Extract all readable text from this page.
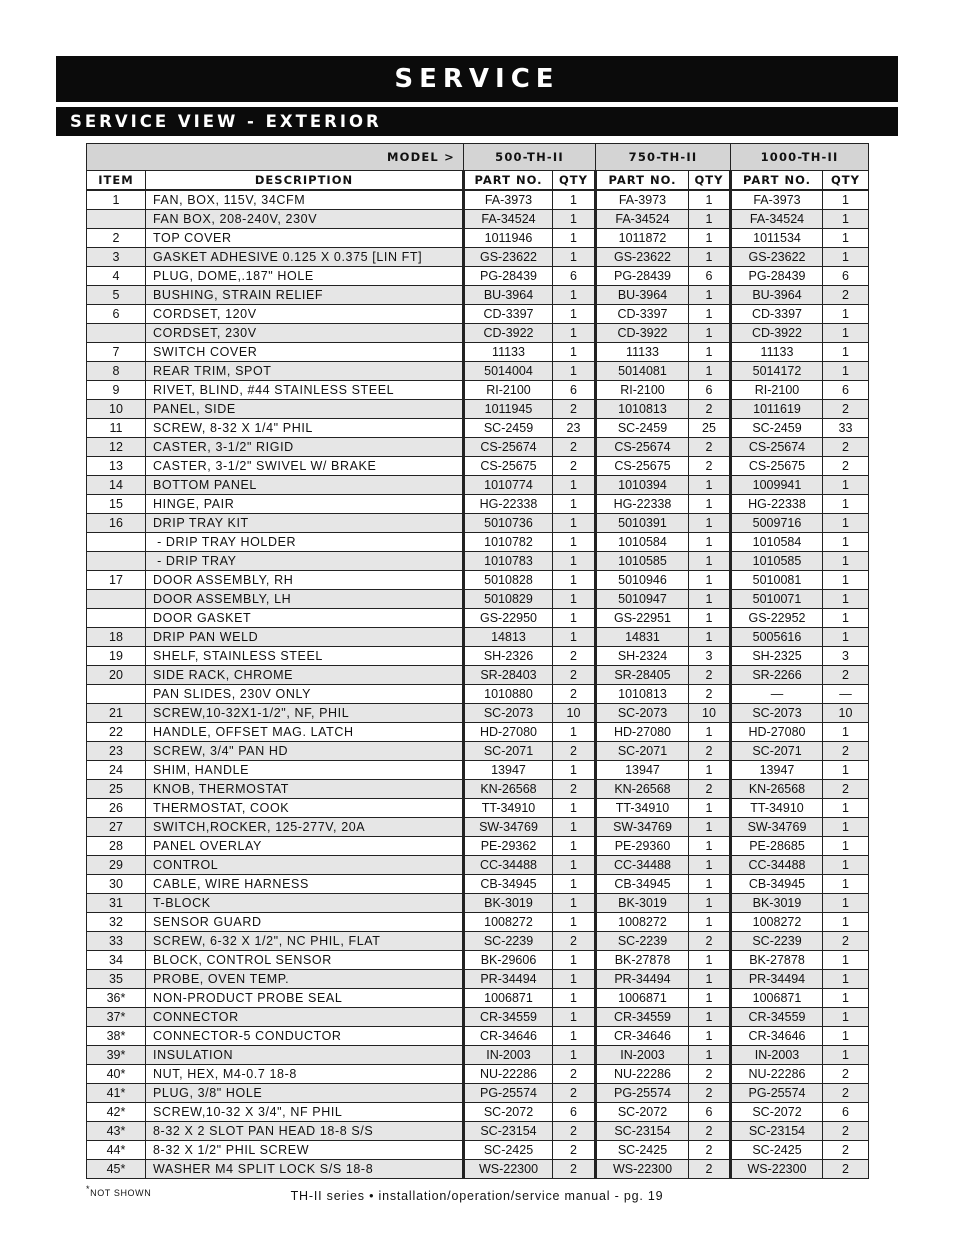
SERVICE
SERVICE VIEW - EXTERIOR
MODEL >		500-TH-II		750-TH-II		1000-TH-II	
ITEM	DESCRIPTION	PART NO.	QTY	PART NO.	QTY	PART NO.	QTY
1	FAN, BOX, 115V, 34CFM	FA-3973	1	FA-3973	1	FA-3973	1
	FAN BOX, 208-240V, 230V	FA-34524	1	FA-34524	1	FA-34524	1
2	TOP COVER	1011946	1	1011872	1	1011534	1
3	GASKET ADHESIVE 0.125 X 0.375 [LIN FT]	GS-23622	1	GS-23622	1	GS-23622	1
4	PLUG, DOME,.187" HOLE	PG-28439	6	PG-28439	6	PG-28439	6
5	BUSHING, STRAIN RELIEF	BU-3964	1	BU-3964	1	BU-3964	2
6	CORDSET, 120V	CD-3397	1	CD-3397	1	CD-3397	1
	CORDSET, 230V	CD-3922	1	CD-3922	1	CD-3922	1
7	SWITCH COVER	11133	1	11133	1	11133	1
8	REAR TRIM, SPOT	5014004	1	5014081	1	5014172	1
9	RIVET, BLIND, #44 STAINLESS STEEL	RI-2100	6	RI-2100	6	RI-2100	6
10	PANEL, SIDE	1011945	2	1010813	2	1011619	2
11	SCREW, 8-32 X 1/4" PHIL	SC-2459	23	SC-2459	25	SC-2459	33
12	CASTER, 3-1/2" RIGID	CS-25674	2	CS-25674	2	CS-25674	2
13	CASTER, 3-1/2" SWIVEL W/ BRAKE	CS-25675	2	CS-25675	2	CS-25675	2
14	BOTTOM PANEL	1010774	1	1010394	1	1009941	1
15	HINGE, PAIR	HG-22338	1	HG-22338	1	HG-22338	1
16	DRIP TRAY KIT	5010736	1	5010391	1	5009716	1
	- DRIP TRAY HOLDER	1010782	1	1010584	1	1010584	1
	- DRIP TRAY	1010783	1	1010585	1	1010585	1
17	DOOR ASSEMBLY, RH	5010828	1	5010946	1	5010081	1
	DOOR ASSEMBLY, LH	5010829	1	5010947	1	5010071	1
	DOOR GASKET	GS-22950	1	GS-22951	1	GS-22952	1
18	DRIP PAN WELD	14813	1	14831	1	5005616	1
19	SHELF, STAINLESS STEEL	SH-2326	2	SH-2324	3	SH-2325	3
20	SIDE RACK, CHROME	SR-28403	2	SR-28405	2	SR-2266	2
	PAN SLIDES, 230V ONLY	1010880	2	1010813	2	—	—
21	SCREW,10-32X1-1/2", NF, PHIL	SC-2073	10	SC-2073	10	SC-2073	10
22	HANDLE, OFFSET MAG. LATCH	HD-27080	1	HD-27080	1	HD-27080	1
23	SCREW, 3/4" PAN HD	SC-2071	2	SC-2071	2	SC-2071	2
24	SHIM, HANDLE	13947	1	13947	1	13947	1
25	KNOB, THERMOSTAT	KN-26568	2	KN-26568	2	KN-26568	2
26	THERMOSTAT, COOK	TT-34910	1	TT-34910	1	TT-34910	1
27	SWITCH,ROCKER, 125-277V, 20A	SW-34769	1	SW-34769	1	SW-34769	1
28	PANEL OVERLAY	PE-29362	1	PE-29360	1	PE-28685	1
29	CONTROL	CC-34488	1	CC-34488	1	CC-34488	1
30	CABLE, WIRE HARNESS	CB-34945	1	CB-34945	1	CB-34945	1
31	T-BLOCK	BK-3019	1	BK-3019	1	BK-3019	1
32	SENSOR GUARD	1008272	1	1008272	1	1008272	1
33	SCREW, 6-32 X 1/2", NC PHIL, FLAT	SC-2239	2	SC-2239	2	SC-2239	2
34	BLOCK, CONTROL SENSOR	BK-29606	1	BK-27878	1	BK-27878	1
35	PROBE, OVEN TEMP.	PR-34494	1	PR-34494	1	PR-34494	1
36*	NON-PRODUCT PROBE SEAL	1006871	1	1006871	1	1006871	1
37*	CONNECTOR	CR-34559	1	CR-34559	1	CR-34559	1
38*	CONNECTOR-5 CONDUCTOR	CR-34646	1	CR-34646	1	CR-34646	1
39*	INSULATION	IN-2003	1	IN-2003	1	IN-2003	1
40*	NUT, HEX, M4-0.7 18-8	NU-22286	2	NU-22286	2	NU-22286	2
41*	PLUG, 3/8" HOLE	PG-25574	2	PG-25574	2	PG-25574	2
42*	SCREW,10-32 X 3/4", NF PHIL	SC-2072	6	SC-2072	6	SC-2072	6
43*	8-32 X 2 SLOT PAN HEAD 18-8 S/S	SC-23154	2	SC-23154	2	SC-23154	2
44*	8-32 X 1/2" PHIL SCREW	SC-2425	2	SC-2425	2	SC-2425	2
45*	WASHER M4 SPLIT LOCK S/S 18-8	WS-22300	2	WS-22300	2	WS-22300	2
*NOT SHOWN	TH-II series • installation/operation/service manual - pg. 19
